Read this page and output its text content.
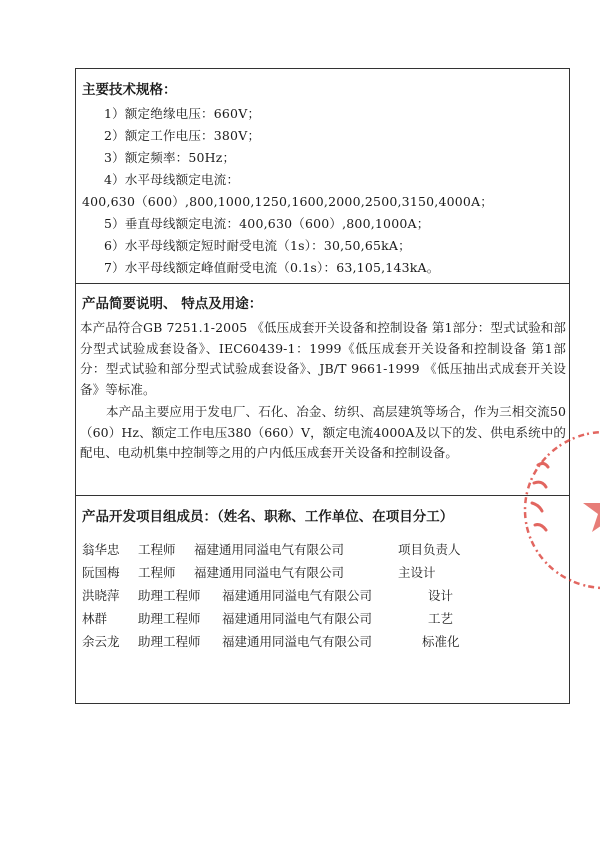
主要技术规格：
1）额定绝缘电压：660V；
2）额定工作电压：380V；
3）额定频率：50Hz；
4）水平母线额定电流：
400,630（600）,800,1000,1250,1600,2000,2500,3150,4000A；
5）垂直母线额定电流：400,630（600）,800,1000A；
6）水平母线额定短时耐受电流（1s）：30,50,65kA；
7）水平母线额定峰值耐受电流（0.1s）：63,105,143kA。
产品简要说明、 特点及用途：
本产品符合GB 7251.1-2005 《低压成套开关设备和控制设备 第1部分：型式试验和部分型式试验成套设备》、IEC60439-1：1999《低压成套开关设备和控制设备 第1部分：型式试验和部分型式试验成套设备》、JB/T 9661-1999 《低压抽出式成套开关设备》等标准。
本产品主要应用于发电厂、石化、冶金、纺织、高层建筑等场合，作为三相交流50（60）Hz、额定工作电压380（660）V，额定电流4000A及以下的发、供电系统中的配电、电动机集中控制等之用的户内低压成套开关设备和控制设备。
产品开发项目组成员：（姓名、职称、工作单位、在项目分工）
翁华忠 工程师 福建通用同溢电气有限公司	项目负责人
阮国梅 工程师 福建通用同溢电气有限公司	主设计
洪晓萍 助理工程师 福建通用同溢电气有限公司	设计
林群 助理工程师 福建通用同溢电气有限公司	工艺
余云龙 助理工程师 福建通用同溢电气有限公司	标准化
